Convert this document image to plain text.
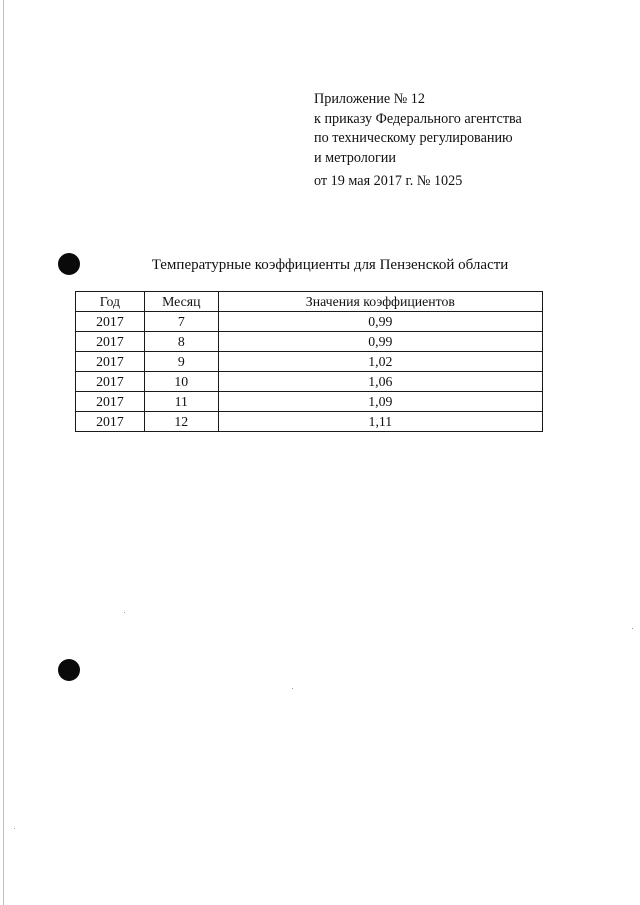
Приложение № 12
к приказу Федерального агентства
по техническому регулированию
и метрологии
от 19 мая 2017 г. № 1025
Температурные коэффициенты для Пензенской области
Год	Месяц	Значения коэффициентов
2017	7	0,99
2017	8	0,99
2017	9	1,02
2017	10	1,06
2017	11	1,09
2017	12	1,11
